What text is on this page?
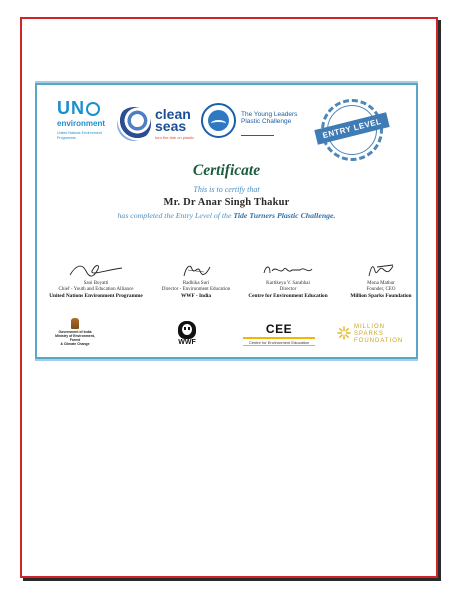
UN
environment
United Nations Environment Programme
clean
seas
turn the tide on plastic
The Young Leaders Plastic Challenge	ENTRY LEVEL
Certificate
This is to certify that
Mr. Dr Anar Singh Thakur
has completed the Entry Level of the Tide Turners Plastic Challenge.
Saoi Boyatti
Chief - Youth and Education Alliance
United Nations Environment Programme
Radhika Suri
Director - Environment Education
WWF - India
Kartikeya V. Sarabhai
Director
Centre for Environment Education
Mona Mathur
Founder, CEO
Million Sparks Foundation
Government of India
Ministry of Environment, Forest
& Climate Change	WWF
CEE
Centre for Environment Education
MILLION
SPARKS
FOUNDATION
